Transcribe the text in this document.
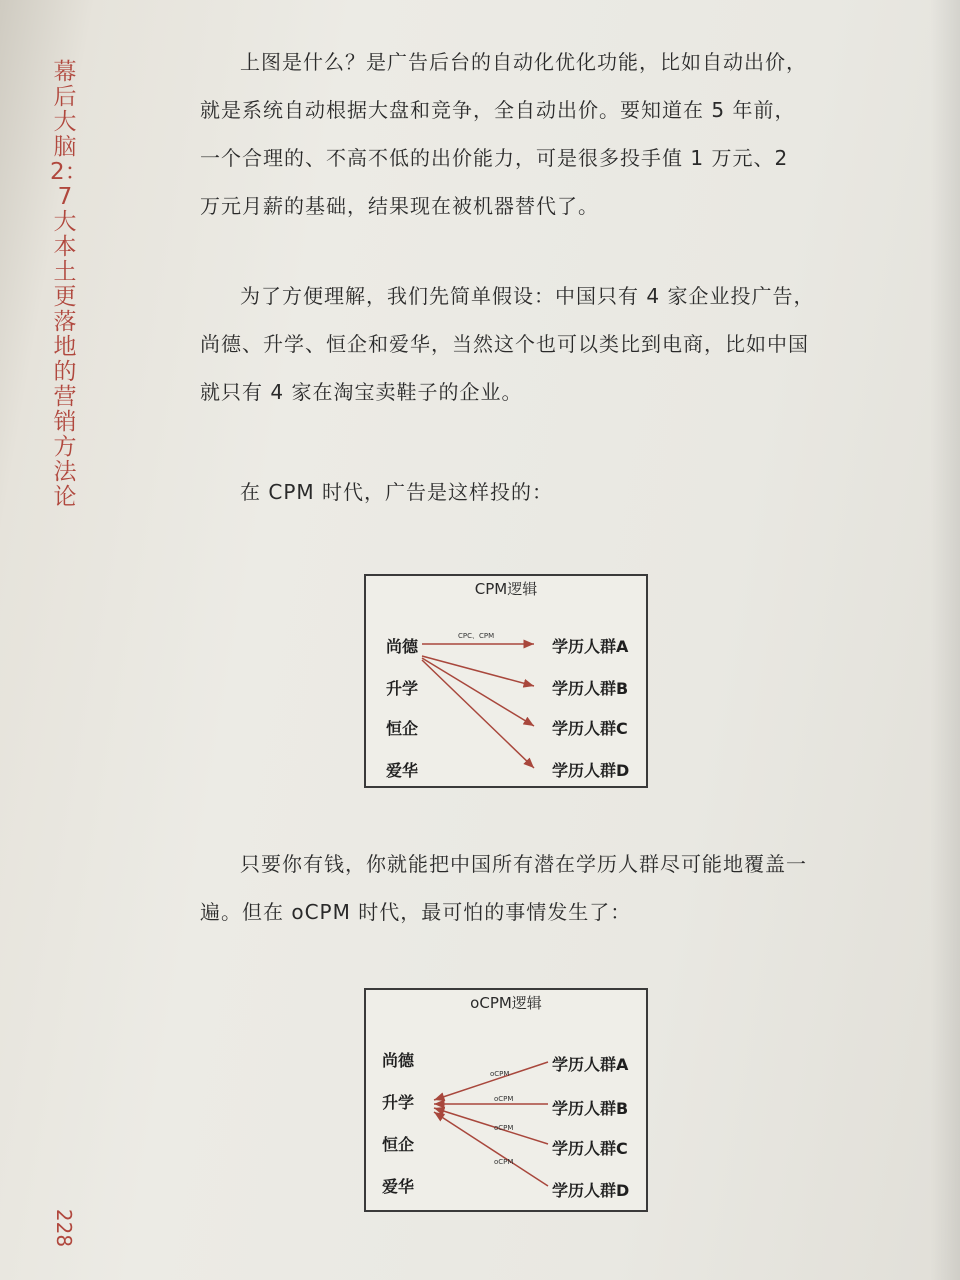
幕后大脑2：7大本土更落地的营销方法论
228

上图是什么？是广告后台的自动化优化功能，比如自动出价，就是系统自动根据大盘和竞争，全自动出价。要知道在 5 年前，一个合理的、不高不低的出价能力，可是很多投手值 1 万元、2 万元月薪的基础，结果现在被机器替代了。

为了方便理解，我们先简单假设：中国只有 4 家企业投广告，尚德、升学、恒企和爱华，当然这个也可以类比到电商，比如中国就只有 4 家在淘宝卖鞋子的企业。

在 CPM 时代，广告是这样投的：

CPM逻辑
CPC、CPM
尚德
升学
恒企
爱华
学历人群A
学历人群B
学历人群C
学历人群D

只要你有钱，你就能把中国所有潜在学历人群尽可能地覆盖一遍。但在 oCPM 时代，最可怕的事情发生了：

oCPM逻辑
oCPM
oCPM
oCPM
oCPM
尚德
升学
恒企
爱华
学历人群A
学历人群B
学历人群C
学历人群D
